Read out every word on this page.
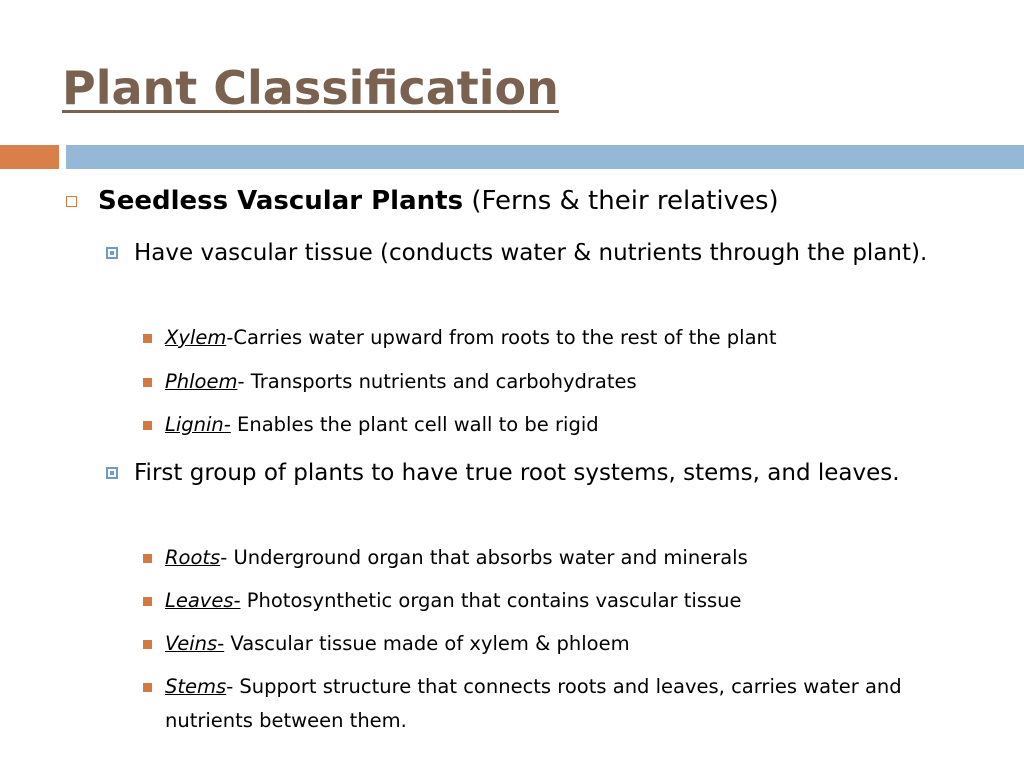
Plant Classification
Seedless Vascular Plants (Ferns & their relatives)
Have vascular tissue (conducts water & nutrients through the plant).
Xylem-Carries water upward from roots to the rest of the plant
Phloem- Transports nutrients and carbohydrates
Lignin- Enables the plant cell wall to be rigid
First group of plants to have true root systems, stems, and leaves.
Roots- Underground organ that absorbs water and minerals
Leaves- Photosynthetic organ that contains vascular tissue
Veins- Vascular tissue made of xylem & phloem
Stems- Support structure that connects roots and leaves, carries water and nutrients between them.
